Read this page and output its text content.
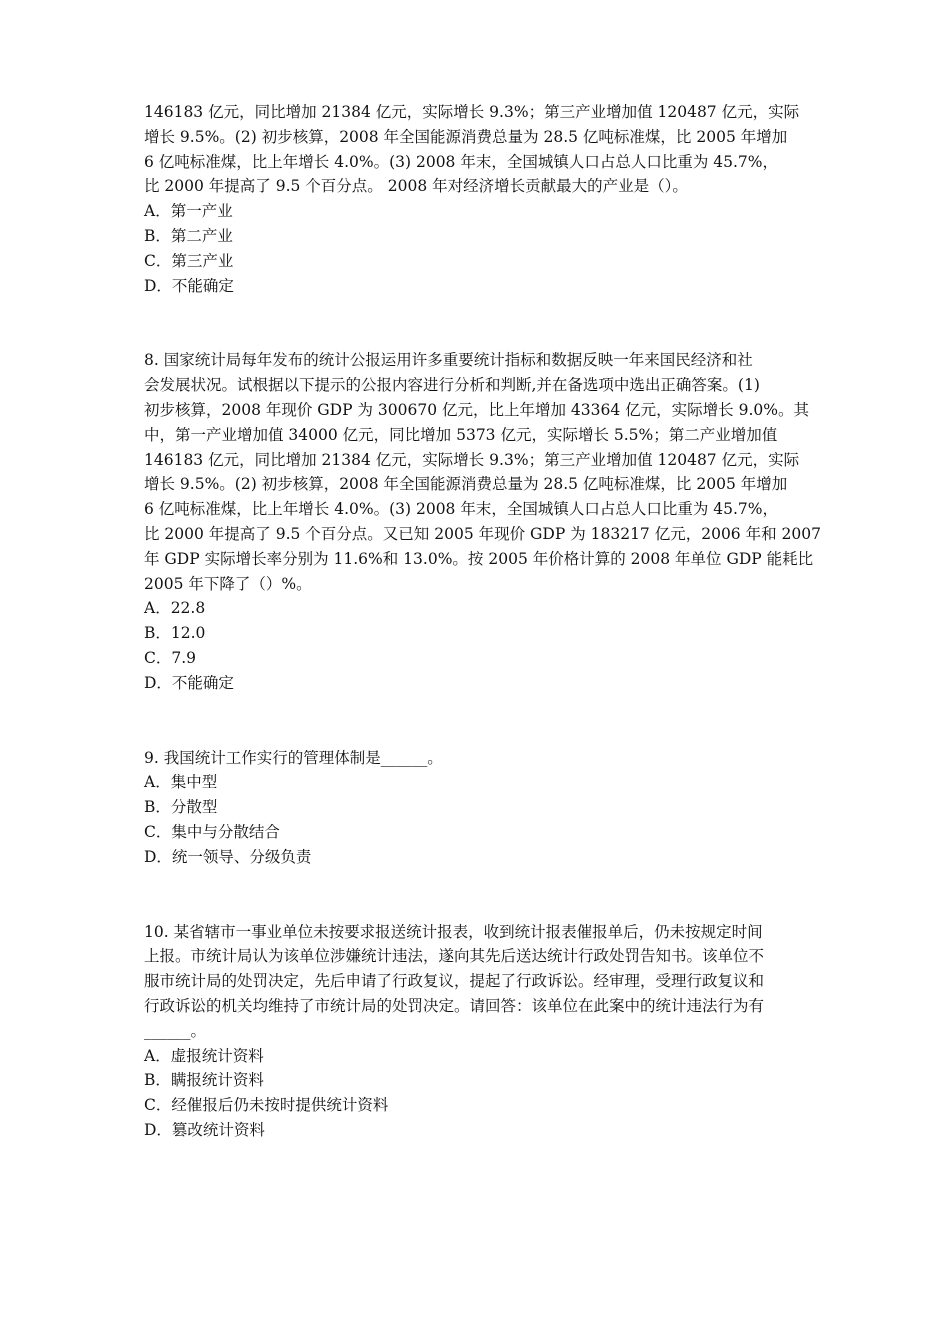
146183 亿元，同比增加 21384 亿元，实际增长 9.3%；第三产业增加值 120487 亿元，实际
增长 9.5%。(2) 初步核算，2008 年全国能源消费总量为 28.5 亿吨标准煤，比 2005 年增加
6 亿吨标准煤，比上年增长 4.0%。(3) 2008 年末，全国城镇人口占总人口比重为 45.7%，
比 2000 年提高了 9.5 个百分点。 2008 年对经济增长贡献最大的产业是（）。
A．第一产业
B．第二产业
C．第三产业
D．不能确定
8. 国家统计局每年发布的统计公报运用许多重要统计指标和数据反映一年来国民经济和社
会发展状况。试根据以下提示的公报内容进行分析和判断,并在备选项中选出正确答案。(1)
初步核算，2008 年现价 GDP 为 300670 亿元，比上年增加 43364 亿元，实际增长 9.0%。其
中，第一产业增加值 34000 亿元，同比增加 5373 亿元，实际增长 5.5%；第二产业增加值
146183 亿元，同比增加 21384 亿元，实际增长 9.3%；第三产业增加值 120487 亿元，实际
增长 9.5%。(2) 初步核算，2008 年全国能源消费总量为 28.5 亿吨标准煤，比 2005 年增加
6 亿吨标准煤，比上年增长 4.0%。(3) 2008 年末，全国城镇人口占总人口比重为 45.7%，
比 2000 年提高了 9.5 个百分点。又已知 2005 年现价 GDP 为 183217 亿元，2006 年和 2007
年 GDP 实际增长率分别为 11.6%和 13.0%。按 2005 年价格计算的 2008 年单位 GDP 能耗比
2005 年下降了（）%。
A．22.8
B．12.0
C．7.9
D．不能确定
9. 我国统计工作实行的管理体制是______。
A．集中型
B．分散型
C．集中与分散结合
D．统一领导、分级负责
10. 某省辖市一事业单位未按要求报送统计报表，收到统计报表催报单后，仍未按规定时间
上报。市统计局认为该单位涉嫌统计违法，遂向其先后送达统计行政处罚告知书。该单位不
服市统计局的处罚决定，先后申请了行政复议，提起了行政诉讼。经审理，受理行政复议和
行政诉讼的机关均维持了市统计局的处罚决定。请回答：该单位在此案中的统计违法行为有
______。
A．虚报统计资料
B．瞒报统计资料
C．经催报后仍未按时提供统计资料
D．篡改统计资料
